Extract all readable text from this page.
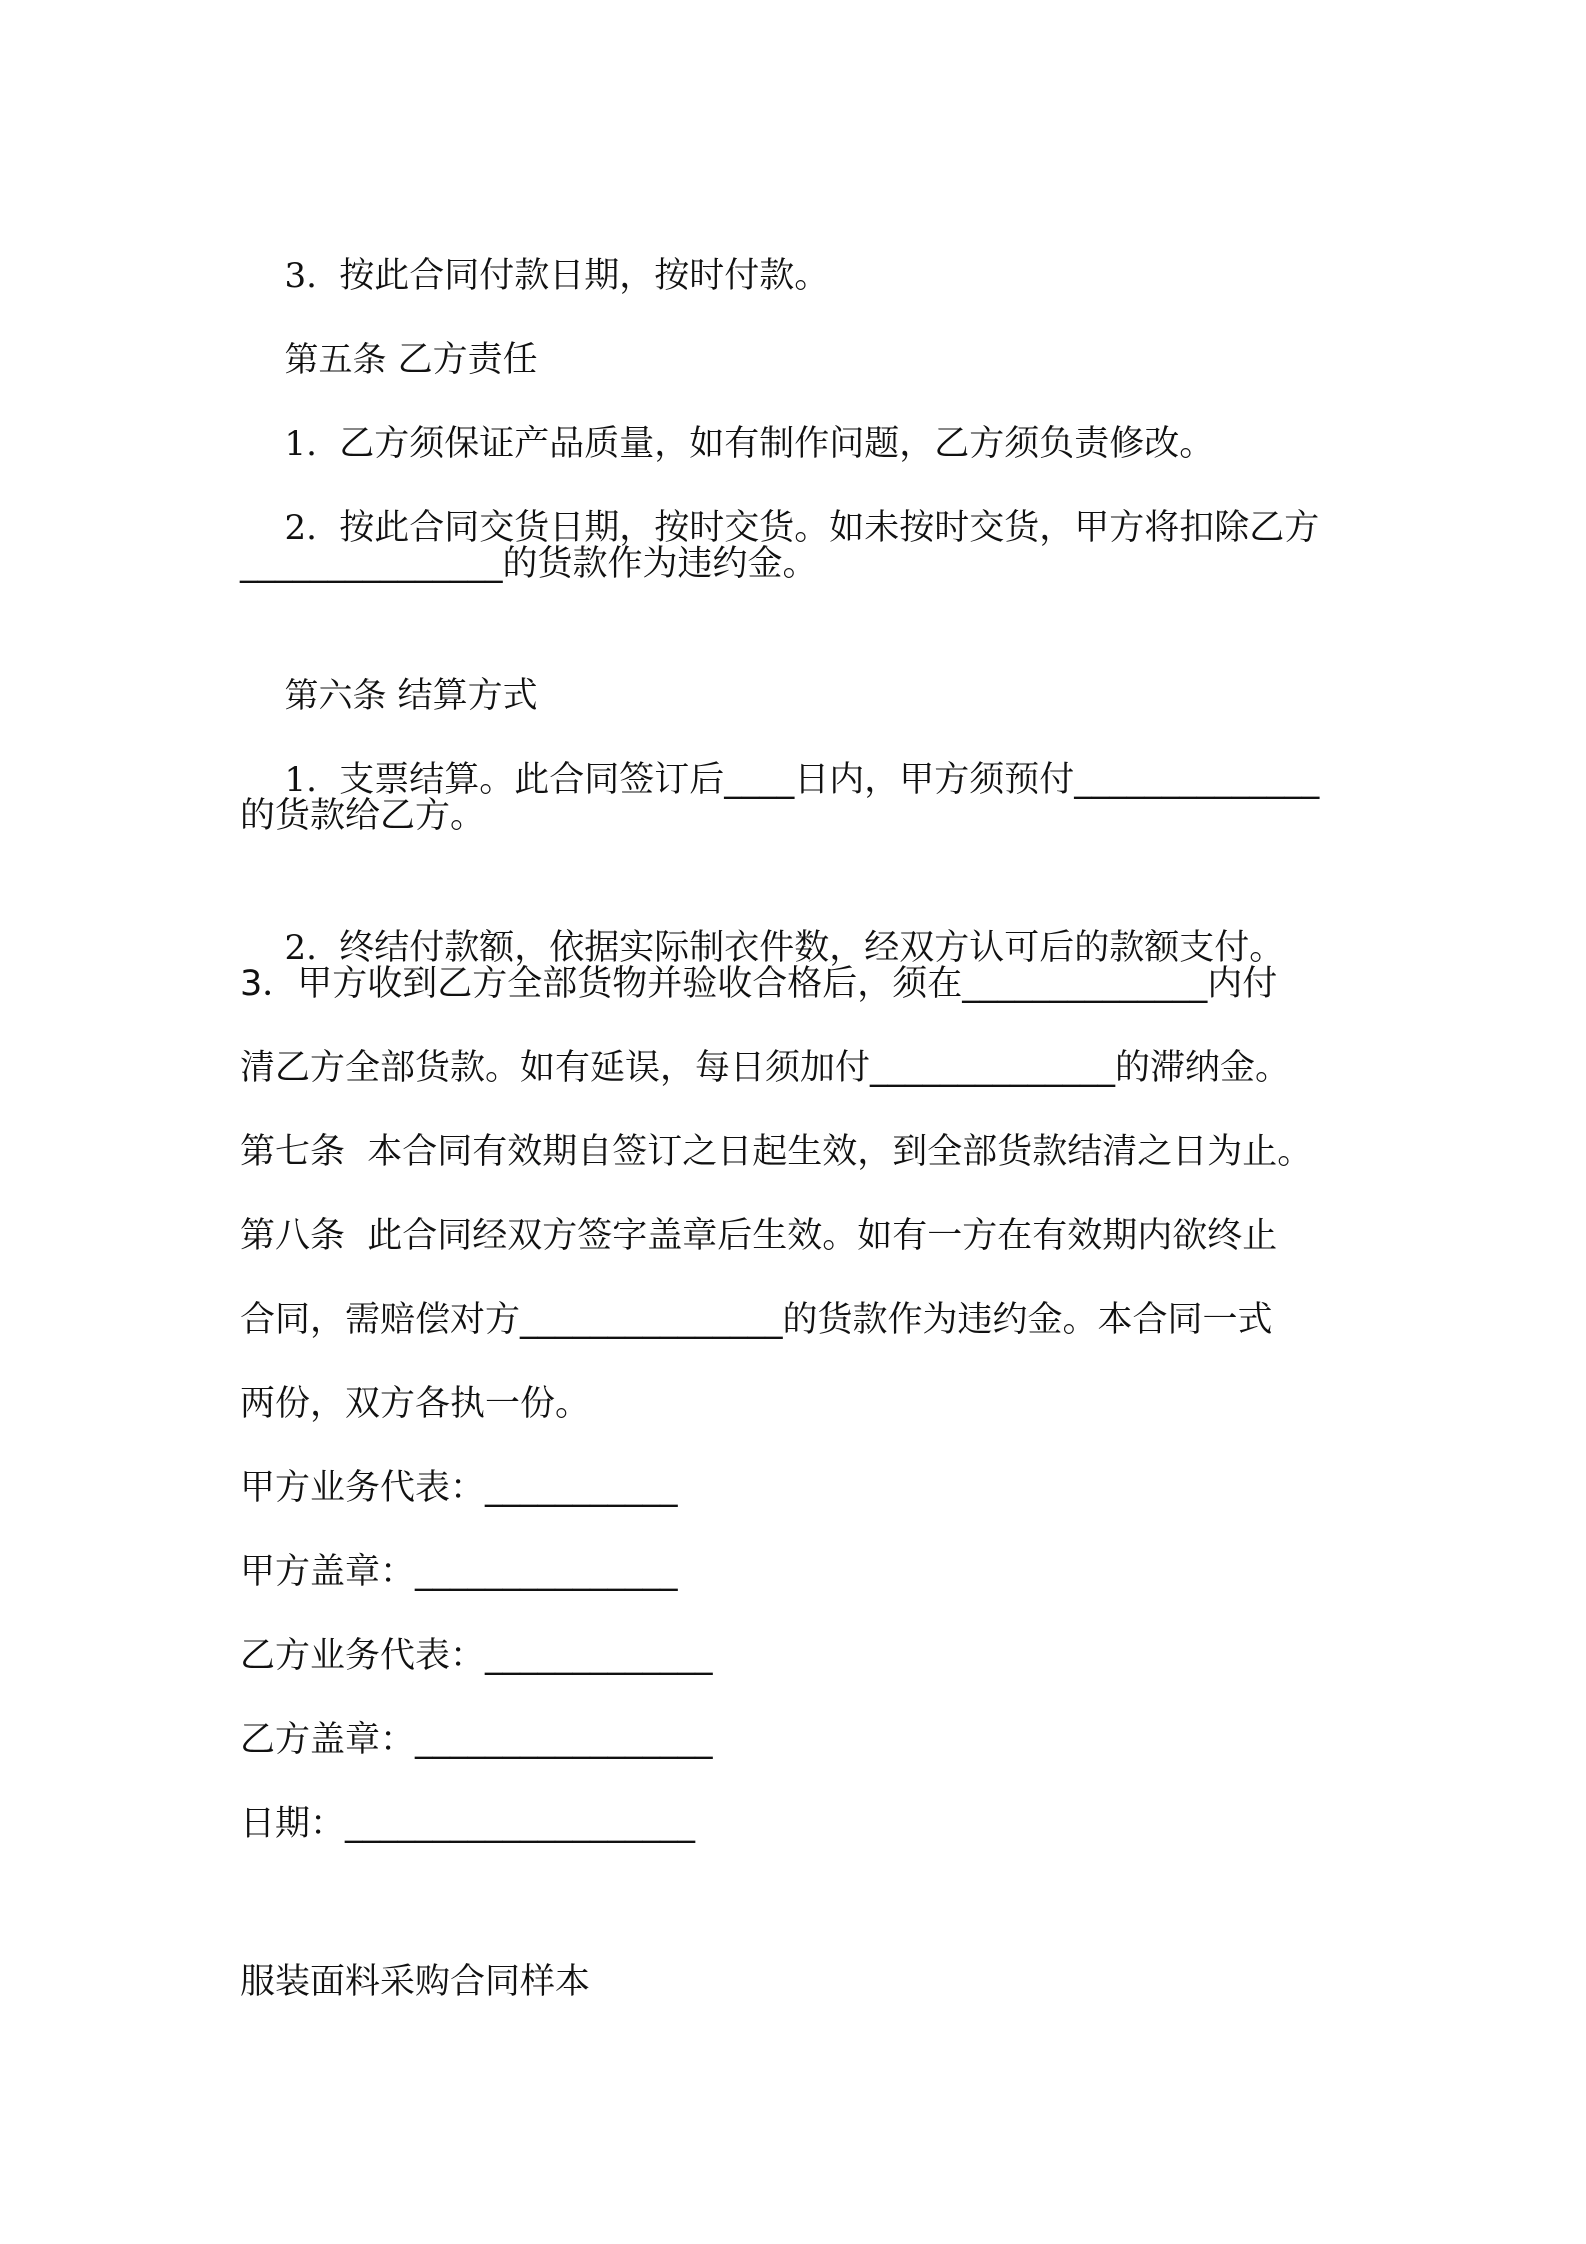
3. 按此合同付款日期，按时付款。

第五条 乙方责任

1. 乙方须保证产品质量，如有制作问题，乙方须负责修改。

2. 按此合同交货日期，按时交货。如未按时交货，甲方将扣除乙方

_______________的货款作为违约金。

第六条 结算方式

1. 支票结算。此合同签订后____日内，甲方须预付______________

的货款给乙方。

2. 终结付款额，依据实际制衣件数，经双方认可后的款额支付。

3．甲方收到乙方全部货物并验收合格后，须在______________内付
清乙方全部货款。如有延误，每日须加付______________的滞纳金。
第七条  本合同有效期自签订之日起生效，到全部货款结清之日为止。
第八条  此合同经双方签字盖章后生效。如有一方在有效期内欲终止
合同，需赔偿对方_______________的货款作为违约金。本合同一式
两份，双方各执一份。
甲方业务代表：___________
甲方盖章：_______________
乙方业务代表：_____________
乙方盖章：_________________
日期：____________________
服装面料采购合同样本
